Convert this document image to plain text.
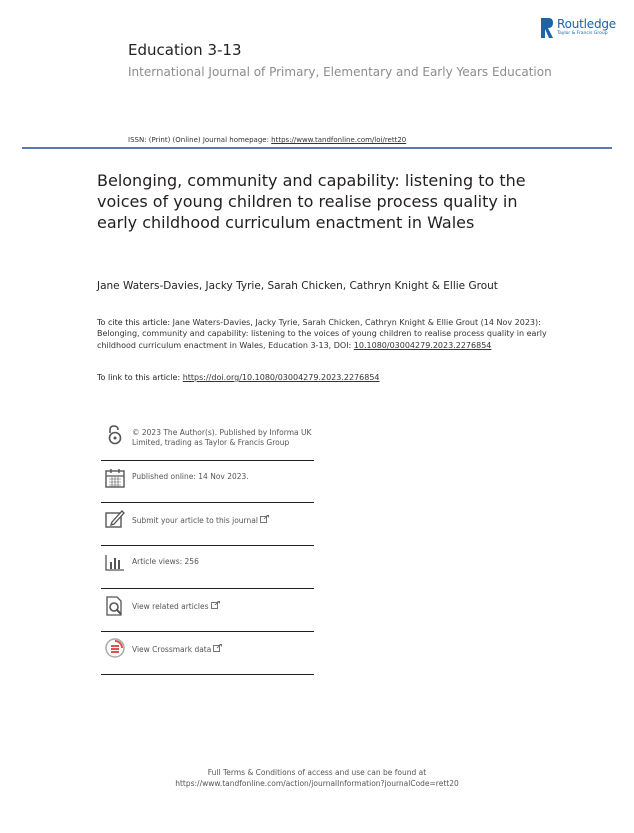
Routledge
Taylor & Francis Group
Education 3-13
International Journal of Primary, Elementary and Early Years Education
ISSN: (Print) (Online) Journal homepage: https://www.tandfonline.com/loi/rett20
Belonging, community and capability: listening to the voices of young children to realise process quality in early childhood curriculum enactment in Wales
Jane Waters-Davies, Jacky Tyrie, Sarah Chicken, Cathryn Knight & Ellie Grout
To cite this article: Jane Waters-Davies, Jacky Tyrie, Sarah Chicken, Cathryn Knight & Ellie Grout (14 Nov 2023): Belonging, community and capability: listening to the voices of young children to realise process quality in early childhood curriculum enactment in Wales, Education 3-13, DOI: 10.1080/03004279.2023.2276854
To link to this article: https://doi.org/10.1080/03004279.2023.2276854
© 2023 The Author(s). Published by Informa UK Limited, trading as Taylor & Francis Group
Published online: 14 Nov 2023.
Submit your article to this journal
Article views: 256
View related articles
View Crossmark data
Full Terms & Conditions of access and use can be found at
https://www.tandfonline.com/action/journalInformation?journalCode=rett20
